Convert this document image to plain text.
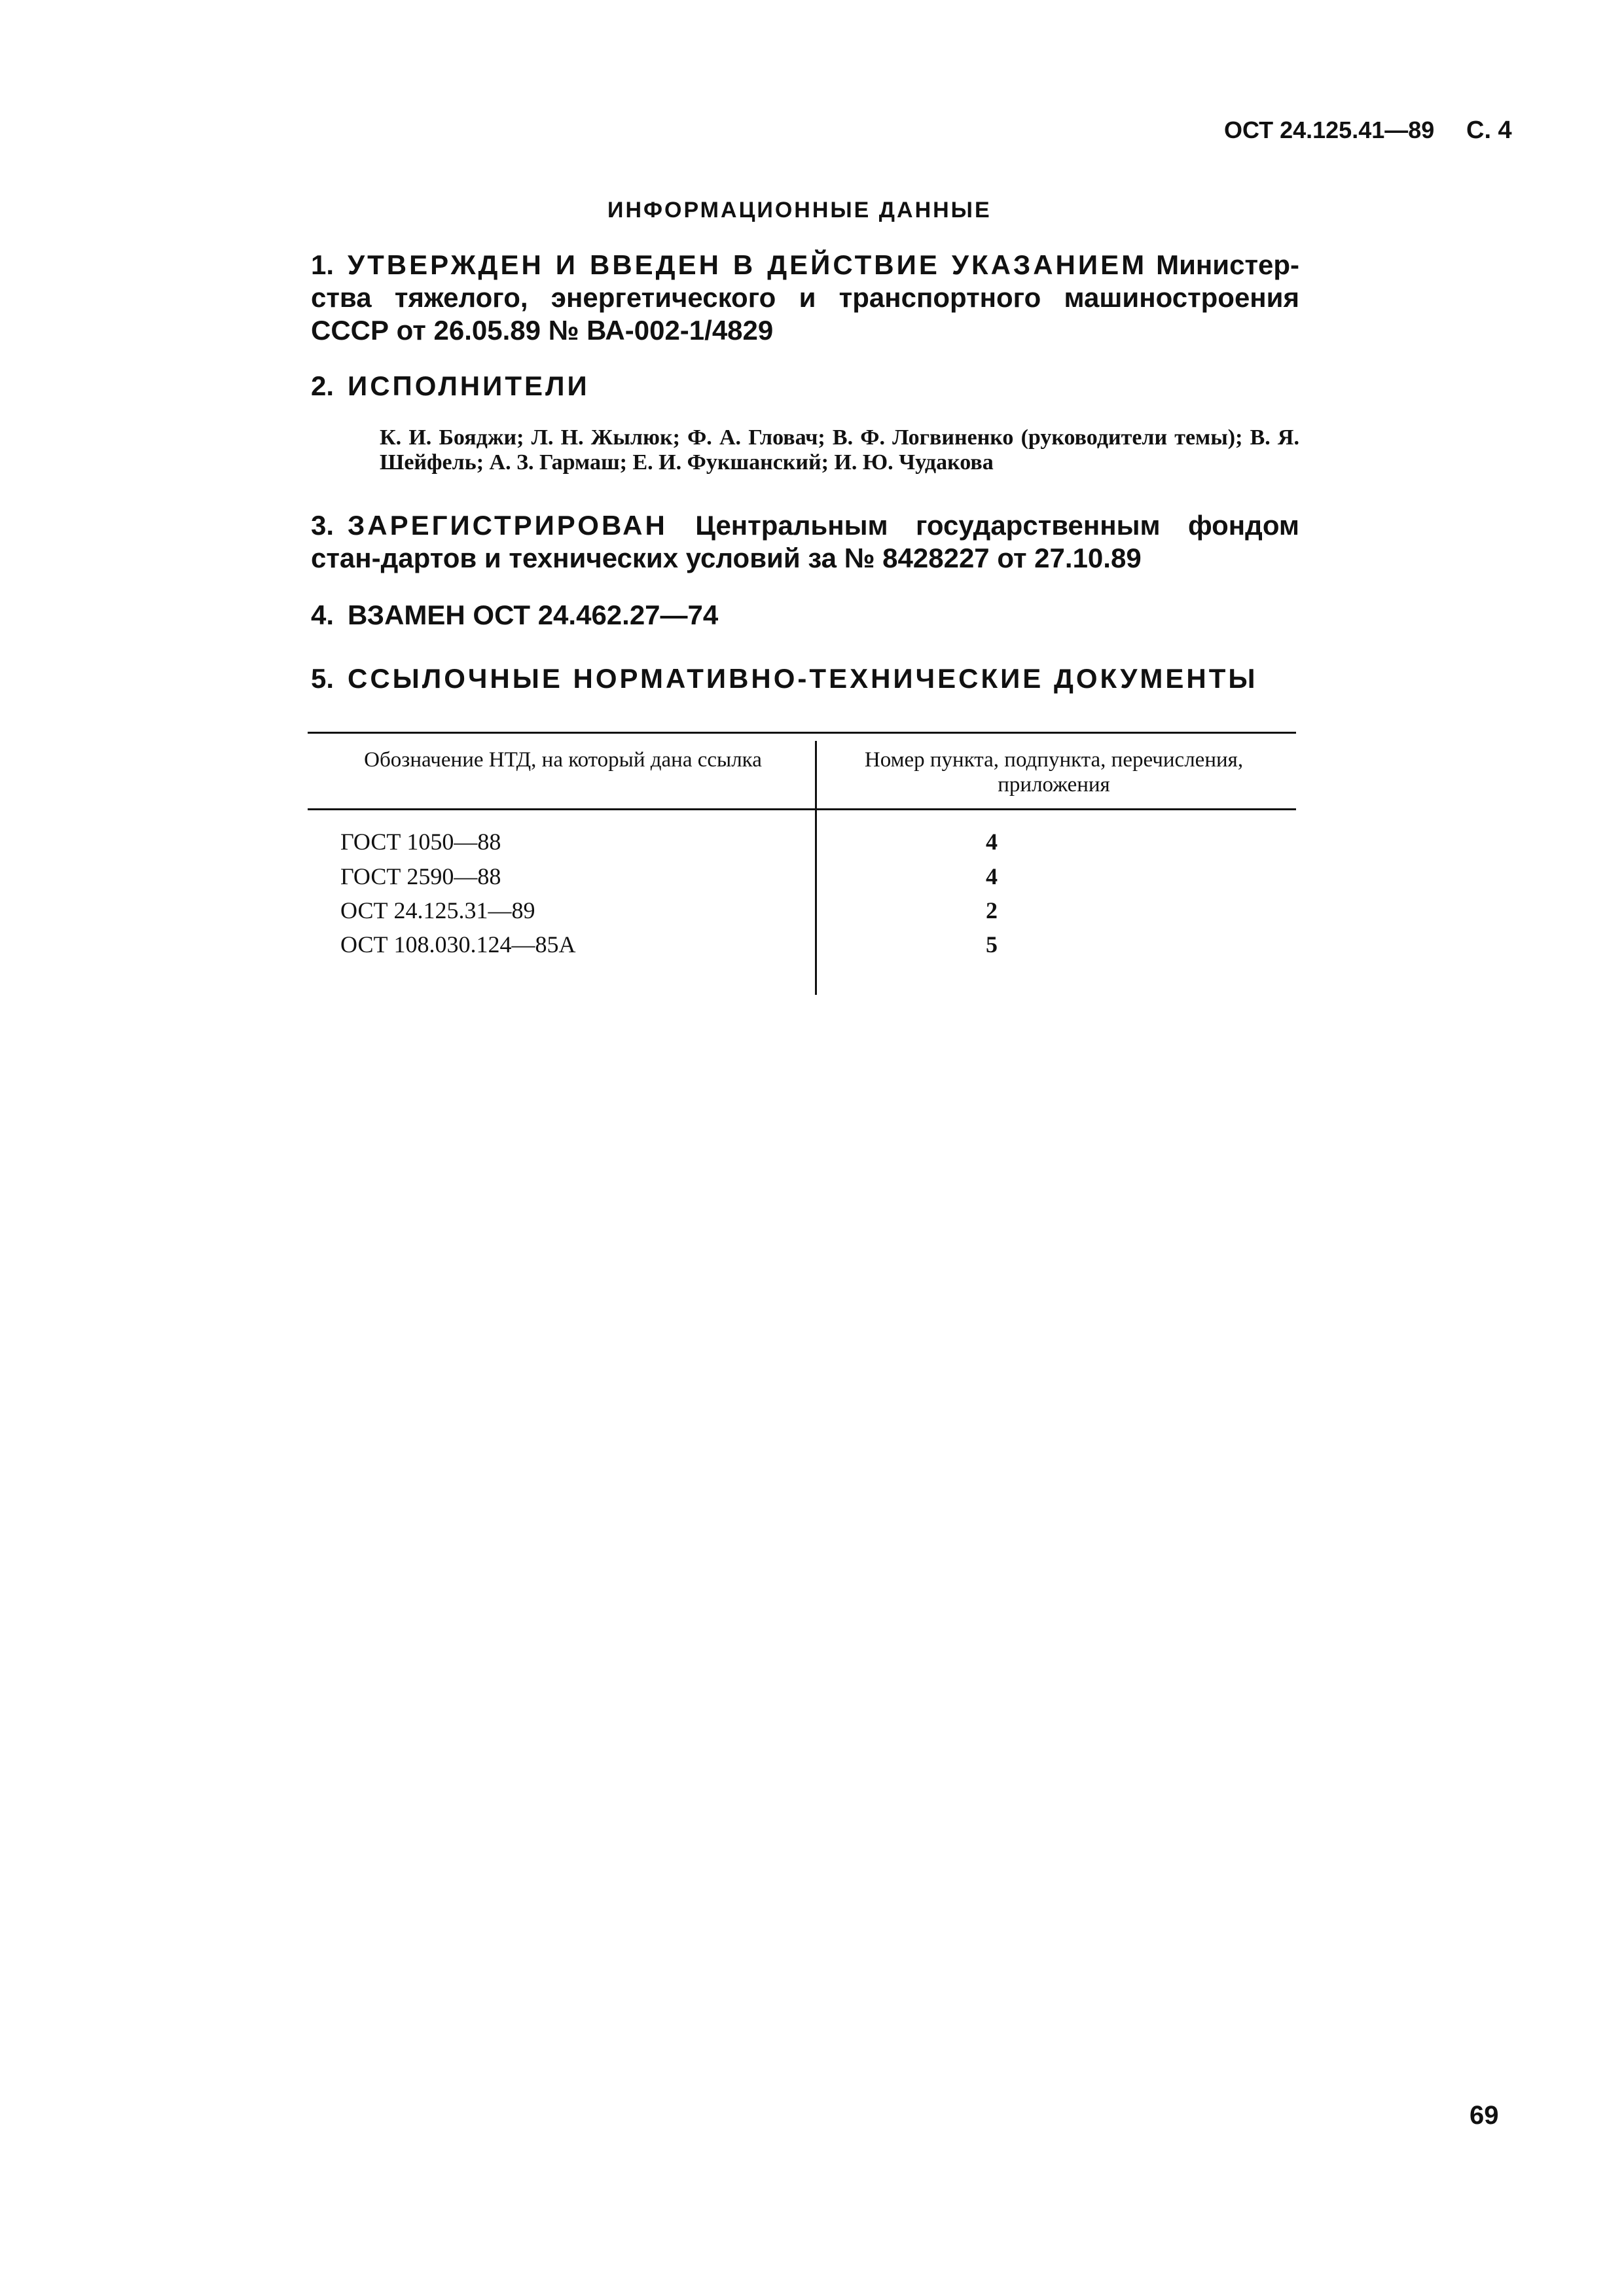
ОСТ 24.125.41—89 С. 4
ИНФОРМАЦИОННЫЕ ДАННЫЕ
1. УТВЕРЖДЕН И ВВЕДЕН В ДЕЙСТВИЕ УКАЗАНИЕМ Министер-ства тяжелого, энергетического и транспортного машиностроения СССР от 26.05.89 № ВА-002-1/4829
2. ИСПОЛНИТЕЛИ
К. И. Бояджи; Л. Н. Жылюк; Ф. А. Гловач; В. Ф. Логвиненко (руководители темы); В. Я. Шейфель; А. З. Гармаш; Е. И. Фукшанский; И. Ю. Чудакова
3. ЗАРЕГИСТРИРОВАН Центральным государственным фондом стан-дартов и технических условий за № 8428227 от 27.10.89
4. ВЗАМЕН ОСТ 24.462.27—74
5. ССЫЛОЧНЫЕ НОРМАТИВНО-ТЕХНИЧЕСКИЕ ДОКУМЕНТЫ
Обозначение НТД, на который дана ссылка	Номер пункта, подпункта, перечисления, приложения
ГОСТ 1050—88	4
ГОСТ 2590—88	4
ОСТ 24.125.31—89	2
ОСТ 108.030.124—85А	5
69
